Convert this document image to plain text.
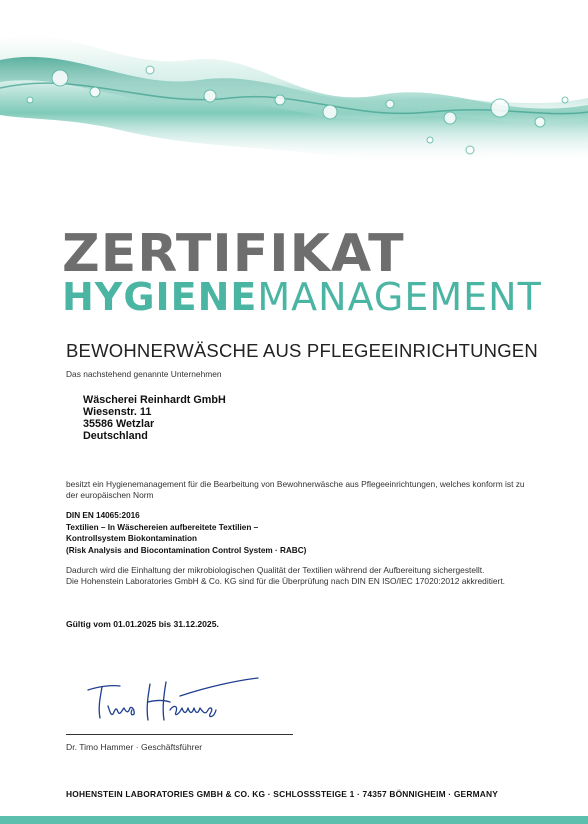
ZERTIFIKAT
HYGIENEMANAGEMENT
BEWOHNERWÄSCHE AUS PFLEGEEINRICHTUNGEN
Das nachstehend genannte Unternehmen
Wäscherei Reinhardt GmbH
Wiesenstr. 11
35586 Wetzlar
Deutschland
besitzt ein Hygienemanagement für die Bearbeitung von Bewohnerwäsche aus Pflegeeinrichtungen, welches konform ist zu der europäischen Norm
DIN EN 14065:2016
Textilien – In Wäschereien aufbereitete Textilien –
Kontrollsystem Biokontamination
(Risk Analysis and Biocontamination Control System · RABC)
Dadurch wird die Einhaltung der mikrobiologischen Qualität der Textilien während der Aufbereitung sichergestellt.
Die Hohenstein Laboratories GmbH & Co. KG sind für die Überprüfung nach DIN EN ISO/IEC 17020:2012 akkreditiert.
Gültig vom 01.01.2025 bis 31.12.2025.
Dr. Timo Hammer · Geschäftsführer
HOHENSTEIN LABORATORIES GMBH & CO. KG · SCHLOSSSTEIGE 1 · 74357 BÖNNIGHEIM · GERMANY
